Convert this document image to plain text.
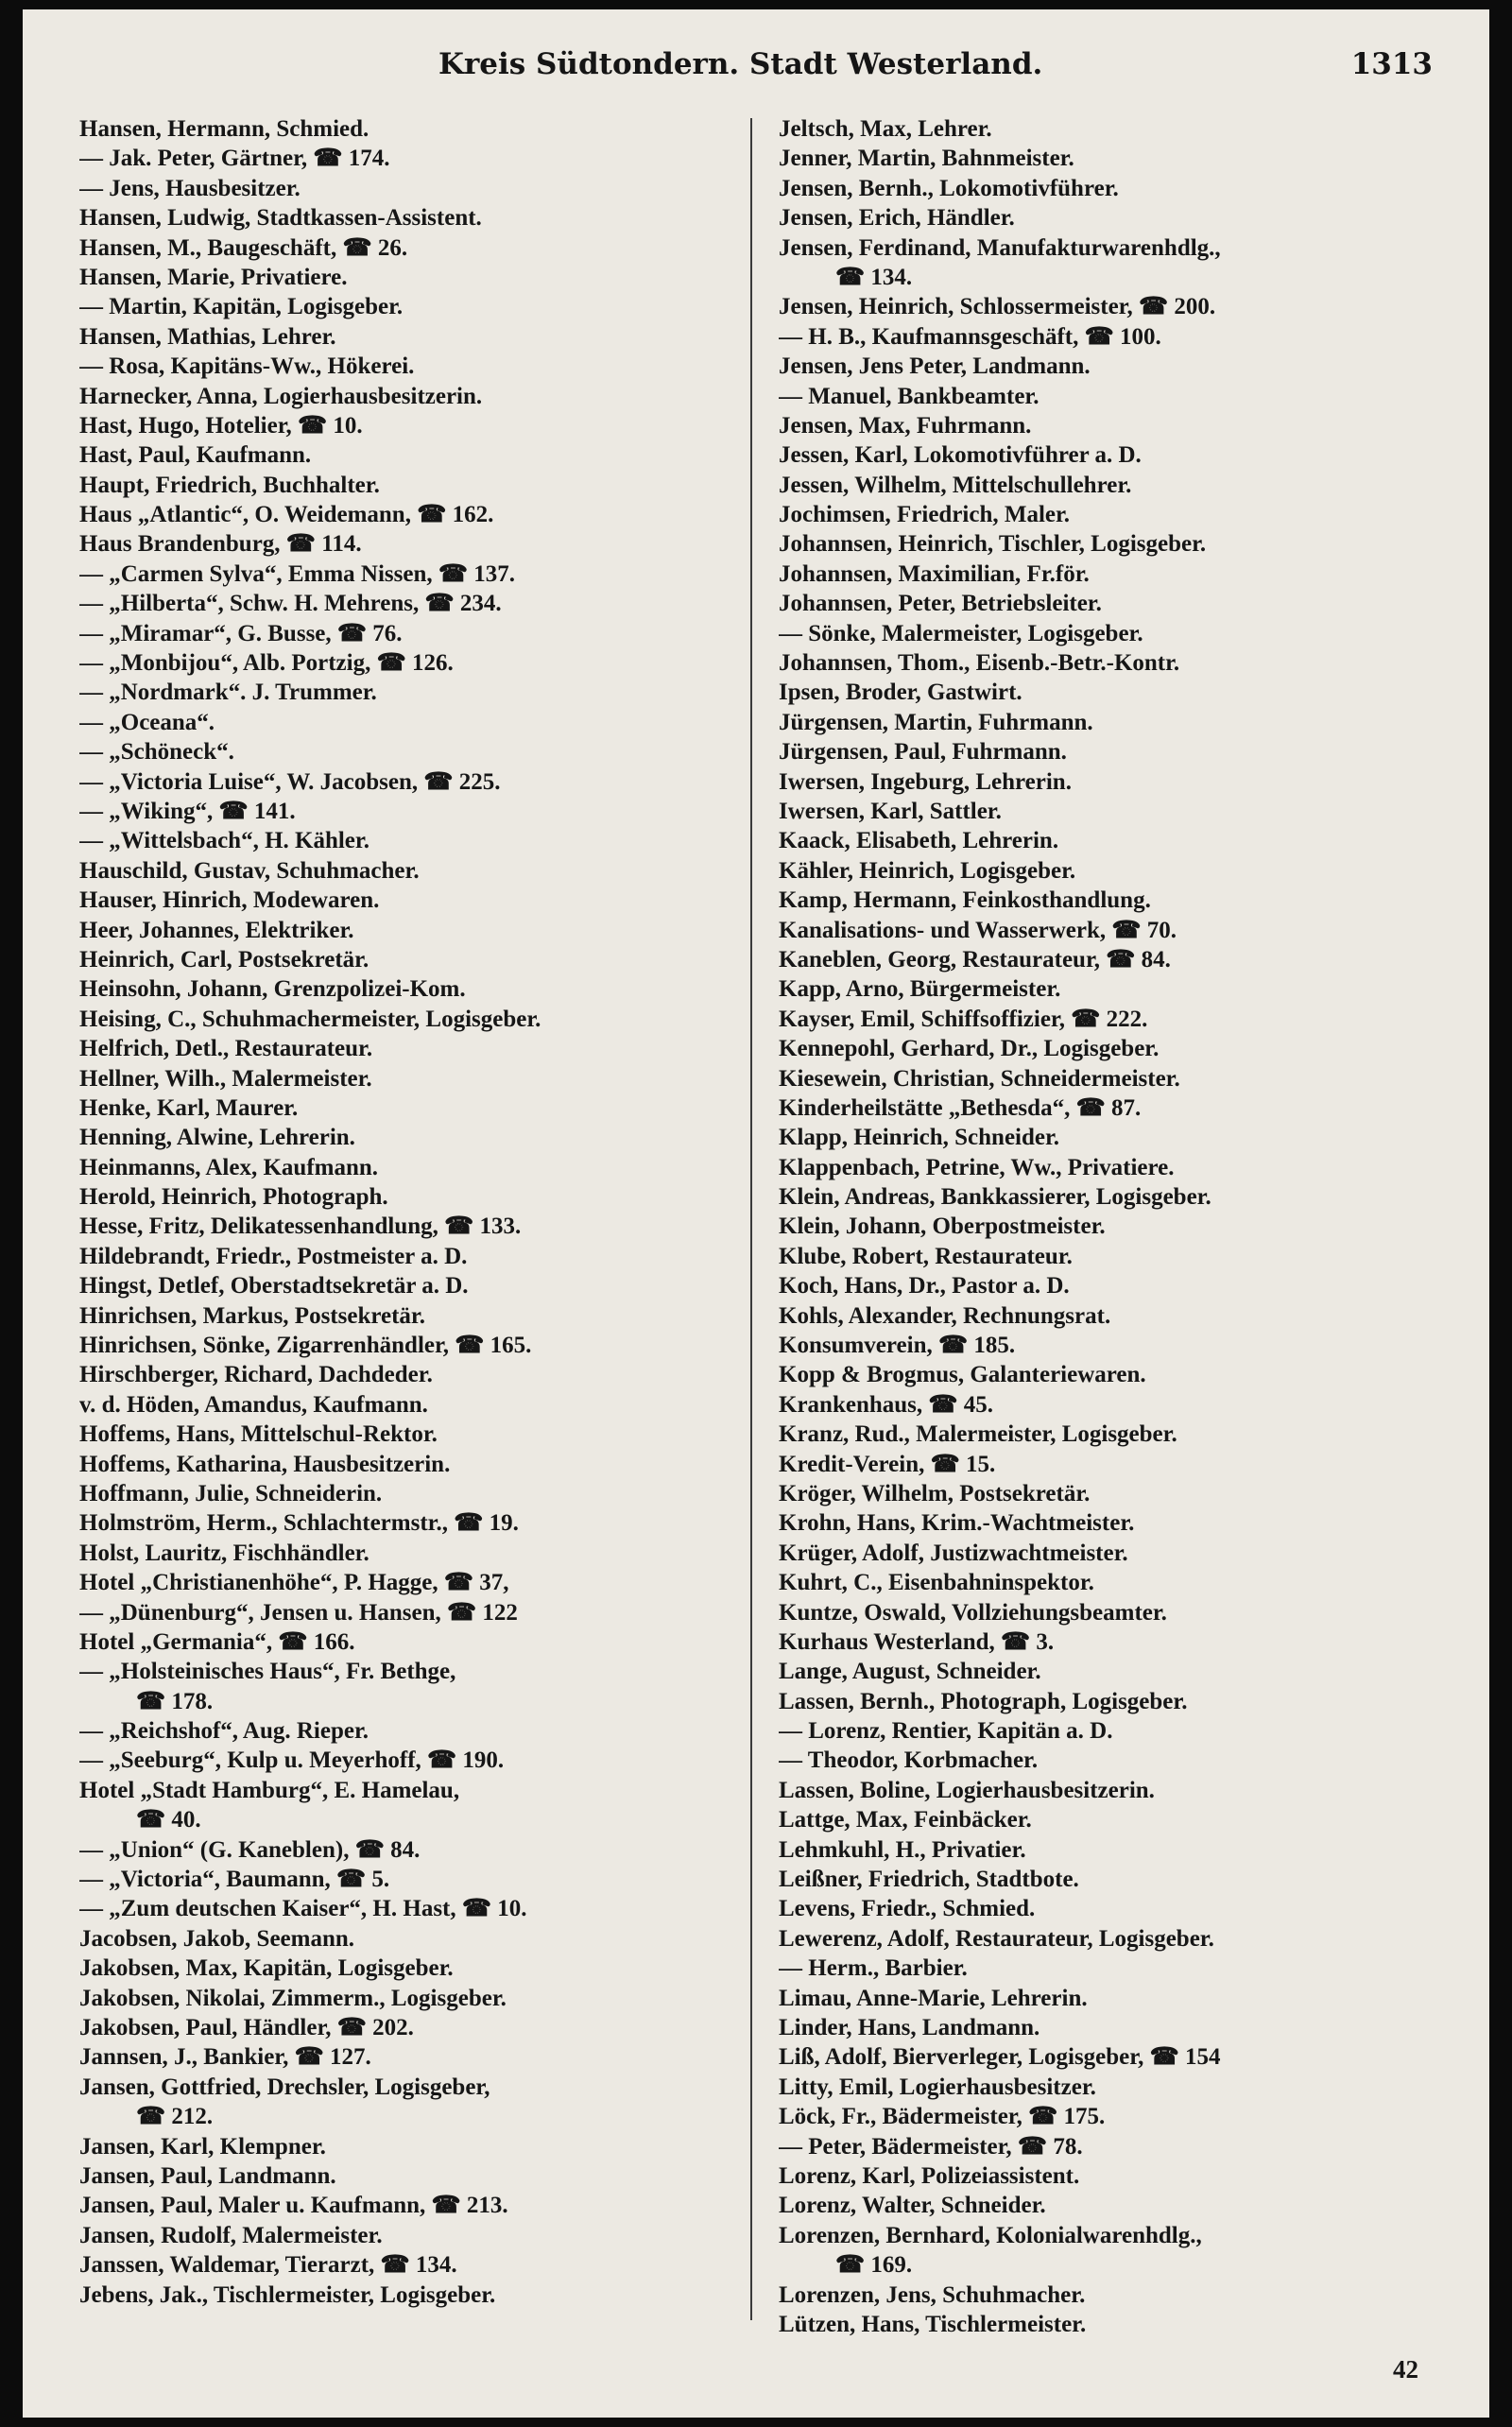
Kreis Südtondern. Stadt Westerland.	1313
Hansen, Hermann, Schmied.
— Jak. Peter, Gärtner, ☎ 174.
— Jens, Hausbesitzer.
Hansen, Ludwig, Stadtkassen-Assistent.
Hansen, M., Baugeschäft, ☎ 26.
Hansen, Marie, Privatiere.
— Martin, Kapitän, Logisgeber.
Hansen, Mathias, Lehrer.
— Rosa, Kapitäns-Ww., Hökerei.
Harnecker, Anna, Logierhausbesitzerin.
Hast, Hugo, Hotelier, ☎ 10.
Hast, Paul, Kaufmann.
Haupt, Friedrich, Buchhalter.
Haus „Atlantic“, O. Weidemann, ☎ 162.
Haus Brandenburg, ☎ 114.
— „Carmen Sylva“, Emma Nissen, ☎ 137.
— „Hilberta“, Schw. H. Mehrens, ☎ 234.
— „Miramar“, G. Busse, ☎ 76.
— „Monbijou“, Alb. Portzig, ☎ 126.
— „Nordmark“. J. Trummer.
— „Oceana“.
— „Schöneck“.
— „Victoria Luise“, W. Jacobsen, ☎ 225.
— „Wiking“, ☎ 141.
— „Wittelsbach“, H. Kähler.
Hauschild, Gustav, Schuhmacher.
Hauser, Hinrich, Modewaren.
Heer, Johannes, Elektriker.
Heinrich, Carl, Postsekretär.
Heinsohn, Johann, Grenzpolizei-Kom.
Heising, C., Schuhmachermeister, Logisgeber.
Helfrich, Detl., Restaurateur.
Hellner, Wilh., Malermeister.
Henke, Karl, Maurer.
Henning, Alwine, Lehrerin.
Heinmanns, Alex, Kaufmann.
Herold, Heinrich, Photograph.
Hesse, Fritz, Delikatessenhandlung, ☎ 133.
Hildebrandt, Friedr., Postmeister a. D.
Hingst, Detlef, Oberstadtsekretär a. D.
Hinrichsen, Markus, Postsekretär.
Hinrichsen, Sönke, Zigarrenhändler, ☎ 165.
Hirschberger, Richard, Dachdeder.
v. d. Höden, Amandus, Kaufmann.
Hoffems, Hans, Mittelschul-Rektor.
Hoffems, Katharina, Hausbesitzerin.
Hoffmann, Julie, Schneiderin.
Holmström, Herm., Schlachtermstr., ☎ 19.
Holst, Lauritz, Fischhändler.
Hotel „Christianenhöhe“, P. Hagge, ☎ 37,
— „Dünenburg“, Jensen u. Hansen, ☎ 122
Hotel „Germania“, ☎ 166.
— „Holsteinisches Haus“, Fr. Bethge,
☎ 178.
— „Reichshof“, Aug. Rieper.
— „Seeburg“, Kulp u. Meyerhoff, ☎ 190.
Hotel „Stadt Hamburg“, E. Hamelau,
☎ 40.
— „Union“ (G. Kaneblen), ☎ 84.
— „Victoria“, Baumann, ☎ 5.
— „Zum deutschen Kaiser“, H. Hast, ☎ 10.
Jacobsen, Jakob, Seemann.
Jakobsen, Max, Kapitän, Logisgeber.
Jakobsen, Nikolai, Zimmerm., Logisgeber.
Jakobsen, Paul, Händler, ☎ 202.
Jannsen, J., Bankier, ☎ 127.
Jansen, Gottfried, Drechsler, Logisgeber,
☎ 212.
Jansen, Karl, Klempner.
Jansen, Paul, Landmann.
Jansen, Paul, Maler u. Kaufmann, ☎ 213.
Jansen, Rudolf, Malermeister.
Janssen, Waldemar, Tierarzt, ☎ 134.
Jebens, Jak., Tischlermeister, Logisgeber.
Jeltsch, Max, Lehrer.
Jenner, Martin, Bahnmeister.
Jensen, Bernh., Lokomotivführer.
Jensen, Erich, Händler.
Jensen, Ferdinand, Manufakturwarenhdlg.,
☎ 134.
Jensen, Heinrich, Schlossermeister, ☎ 200.
— H. B., Kaufmannsgeschäft, ☎ 100.
Jensen, Jens Peter, Landmann.
— Manuel, Bankbeamter.
Jensen, Max, Fuhrmann.
Jessen, Karl, Lokomotivführer a. D.
Jessen, Wilhelm, Mittelschullehrer.
Jochimsen, Friedrich, Maler.
Johannsen, Heinrich, Tischler, Logisgeber.
Johannsen, Maximilian, Fr.för.
Johannsen, Peter, Betriebsleiter.
— Sönke, Malermeister, Logisgeber.
Johannsen, Thom., Eisenb.-Betr.-Kontr.
Ipsen, Broder, Gastwirt.
Jürgensen, Martin, Fuhrmann.
Jürgensen, Paul, Fuhrmann.
Iwersen, Ingeburg, Lehrerin.
Iwersen, Karl, Sattler.
Kaack, Elisabeth, Lehrerin.
Kähler, Heinrich, Logisgeber.
Kamp, Hermann, Feinkosthandlung.
Kanalisations- und Wasserwerk, ☎ 70.
Kaneblen, Georg, Restaurateur, ☎ 84.
Kapp, Arno, Bürgermeister.
Kayser, Emil, Schiffsoffizier, ☎ 222.
Kennepohl, Gerhard, Dr., Logisgeber.
Kiesewein, Christian, Schneidermeister.
Kinderheilstätte „Bethesda“, ☎ 87.
Klapp, Heinrich, Schneider.
Klappenbach, Petrine, Ww., Privatiere.
Klein, Andreas, Bankkassierer, Logisgeber.
Klein, Johann, Oberpostmeister.
Klube, Robert, Restaurateur.
Koch, Hans, Dr., Pastor a. D.
Kohls, Alexander, Rechnungsrat.
Konsumverein, ☎ 185.
Kopp & Brogmus, Galanteriewaren.
Krankenhaus, ☎ 45.
Kranz, Rud., Malermeister, Logisgeber.
Kredit-Verein, ☎ 15.
Kröger, Wilhelm, Postsekretär.
Krohn, Hans, Krim.-Wachtmeister.
Krüger, Adolf, Justizwachtmeister.
Kuhrt, C., Eisenbahninspektor.
Kuntze, Oswald, Vollziehungsbeamter.
Kurhaus Westerland, ☎ 3.
Lange, August, Schneider.
Lassen, Bernh., Photograph, Logisgeber.
— Lorenz, Rentier, Kapitän a. D.
— Theodor, Korbmacher.
Lassen, Boline, Logierhausbesitzerin.
Lattge, Max, Feinbäcker.
Lehmkuhl, H., Privatier.
Leißner, Friedrich, Stadtbote.
Levens, Friedr., Schmied.
Lewerenz, Adolf, Restaurateur, Logisgeber.
— Herm., Barbier.
Limau, Anne-Marie, Lehrerin.
Linder, Hans, Landmann.
Liß, Adolf, Bierverleger, Logisgeber, ☎ 154
Litty, Emil, Logierhausbesitzer.
Löck, Fr., Bädermeister, ☎ 175.
— Peter, Bädermeister, ☎ 78.
Lorenz, Karl, Polizeiassistent.
Lorenz, Walter, Schneider.
Lorenzen, Bernhard, Kolonialwarenhdlg.,
☎ 169.
Lorenzen, Jens, Schuhmacher.
Lützen, Hans, Tischlermeister.
42
